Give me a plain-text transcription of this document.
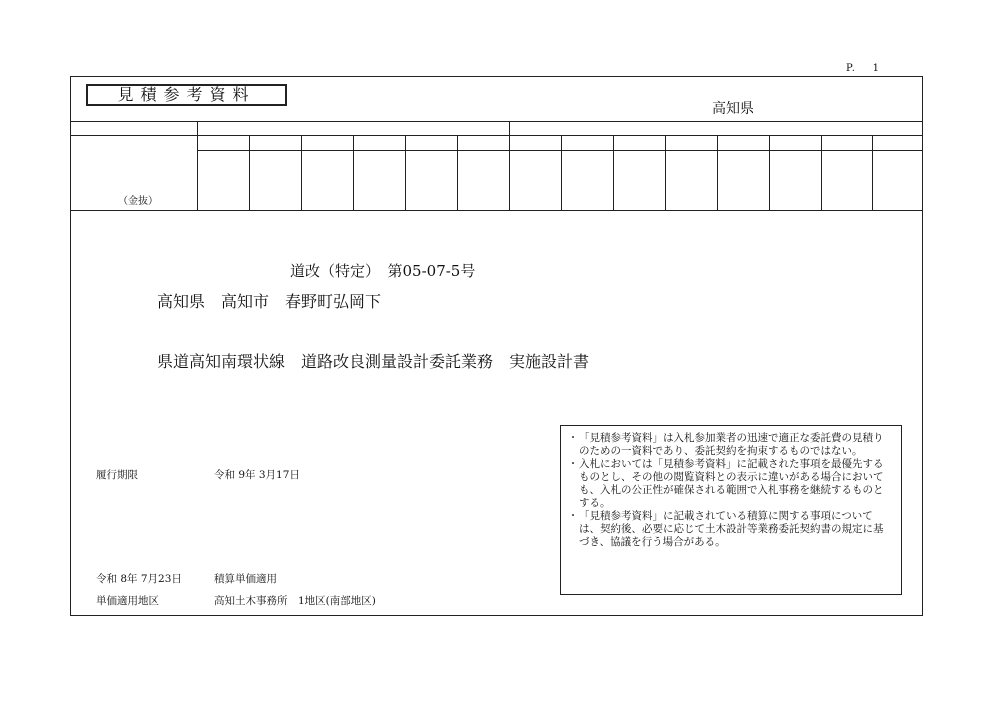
P.    1
見積参考資料
高知県
（金抜）
道改（特定）　第05-07-5号
高知県　高知市　春野町弘岡下
県道高知南環状線　道路改良測量設計委託業務　実施設計書
・ 「見積参考資料」は入札参加業者の迅速で適正な委託費の見積りのための一資料であり、委託契約を拘束するものではない。
・ 入札においては「見積参考資料」に記載された事項を最優先するものとし、その他の閲覧資料との表示に違いがある場合においても、入札の公正性が確保される範囲で入札事務を継続するものとする。
・ 「見積参考資料」に記載されている積算に関する事項については、契約後、必要に応じて土木設計等業務委託契約書の規定に基づき、協議を行う場合がある。
履行期限	令和 9年 3月17日
令和 8年 7月23日	積算単価適用
単価適用地区	高知土木事務所　1地区(南部地区)
